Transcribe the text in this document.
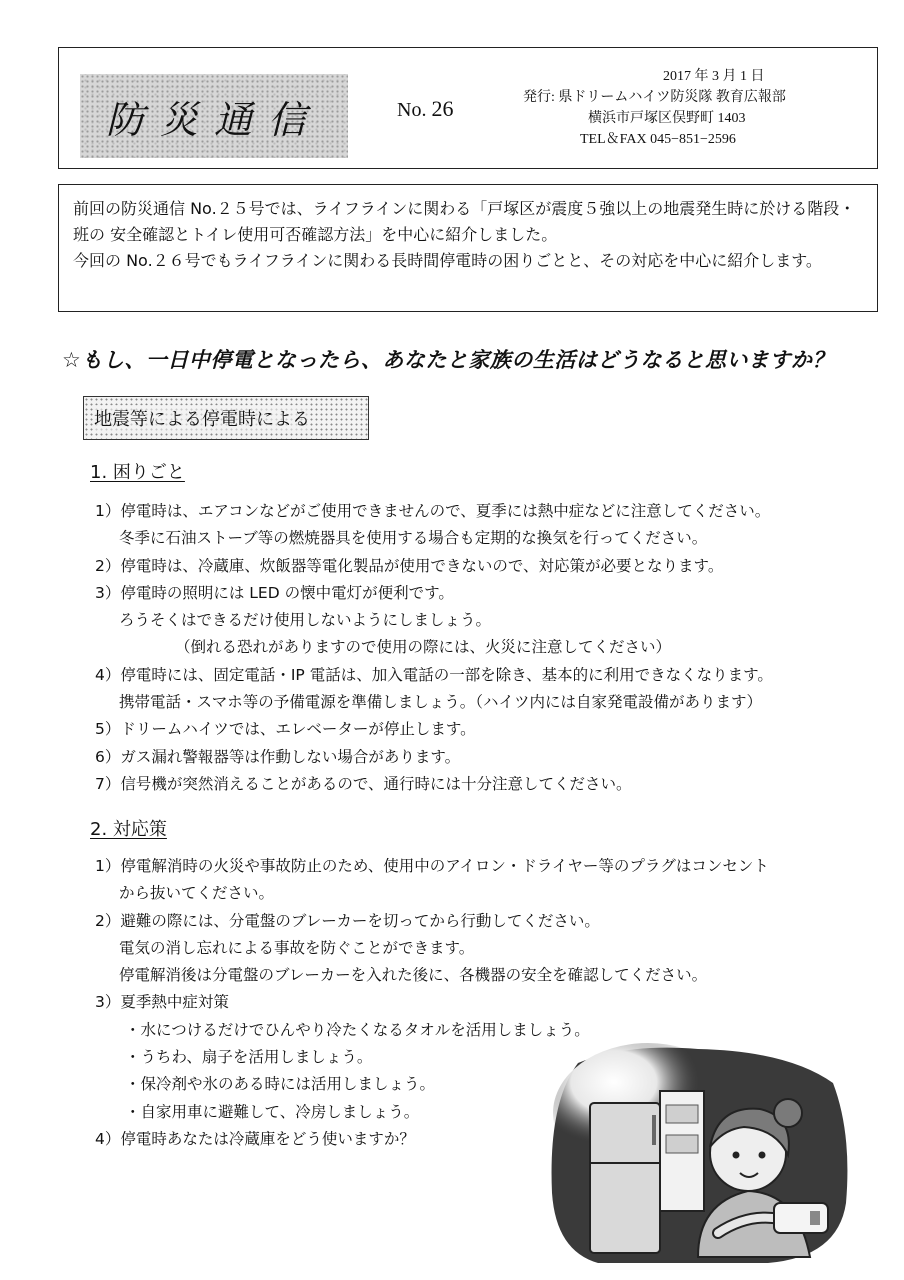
防災通信	No. 26
2017 年 3 月 1 日
発行: 県ドリームハイツ防災隊 教育広報部
横浜市戸塚区俣野町 1403
TEL＆FAX 045−851−2596

前回の防災通信 No.２５号では、ライフラインに関わる「戸塚区が震度５強以上の地震発生時に於ける階段・班の 安全確認とトイレ使用可否確認方法」を中心に紹介しました。

今回の No.２６号でもライフラインに関わる長時間停電時の困りごとと、その対応を中心に紹介します。

☆もし、一日中停電となったら、あなたと家族の生活はどうなると思いますか？
地震等による停電時による
1. 困りごと
1）停電時は、エアコンなどがご使用できませんので、夏季には熱中症などに注意してください。
冬季に石油ストーブ等の燃焼器具を使用する場合も定期的な換気を行ってください。
2）停電時は、冷蔵庫、炊飯器等電化製品が使用できないので、対応策が必要となります。
3）停電時の照明には LED の懐中電灯が便利です。
ろうそくはできるだけ使用しないようにしましょう。
（倒れる恐れがありますので使用の際には、火災に注意してください）
4）停電時には、固定電話・IP 電話は、加入電話の一部を除き、基本的に利用できなくなります。
携帯電話・スマホ等の予備電源を準備しましょう。（ハイツ内には自家発電設備があります）
5）ドリームハイツでは、エレベーターが停止します。
6）ガス漏れ警報器等は作動しない場合があります。
7）信号機が突然消えることがあるので、通行時には十分注意してください。
2. 対応策
1）停電解消時の火災や事故防止のため、使用中のアイロン・ドライヤー等のプラグはコンセント
から抜いてください。
2）避難の際には、分電盤のブレーカーを切ってから行動してください。
電気の消し忘れによる事故を防ぐことができます。
停電解消後は分電盤のブレーカーを入れた後に、各機器の安全を確認してください。
3）夏季熱中症対策
・水につけるだけでひんやり冷たくなるタオルを活用しましょう。
・うちわ、扇子を活用しましょう。
・保冷剤や氷のある時には活用しましょう。
・自家用車に避難して、冷房しましょう。
4）停電時あなたは冷蔵庫をどう使いますか？
